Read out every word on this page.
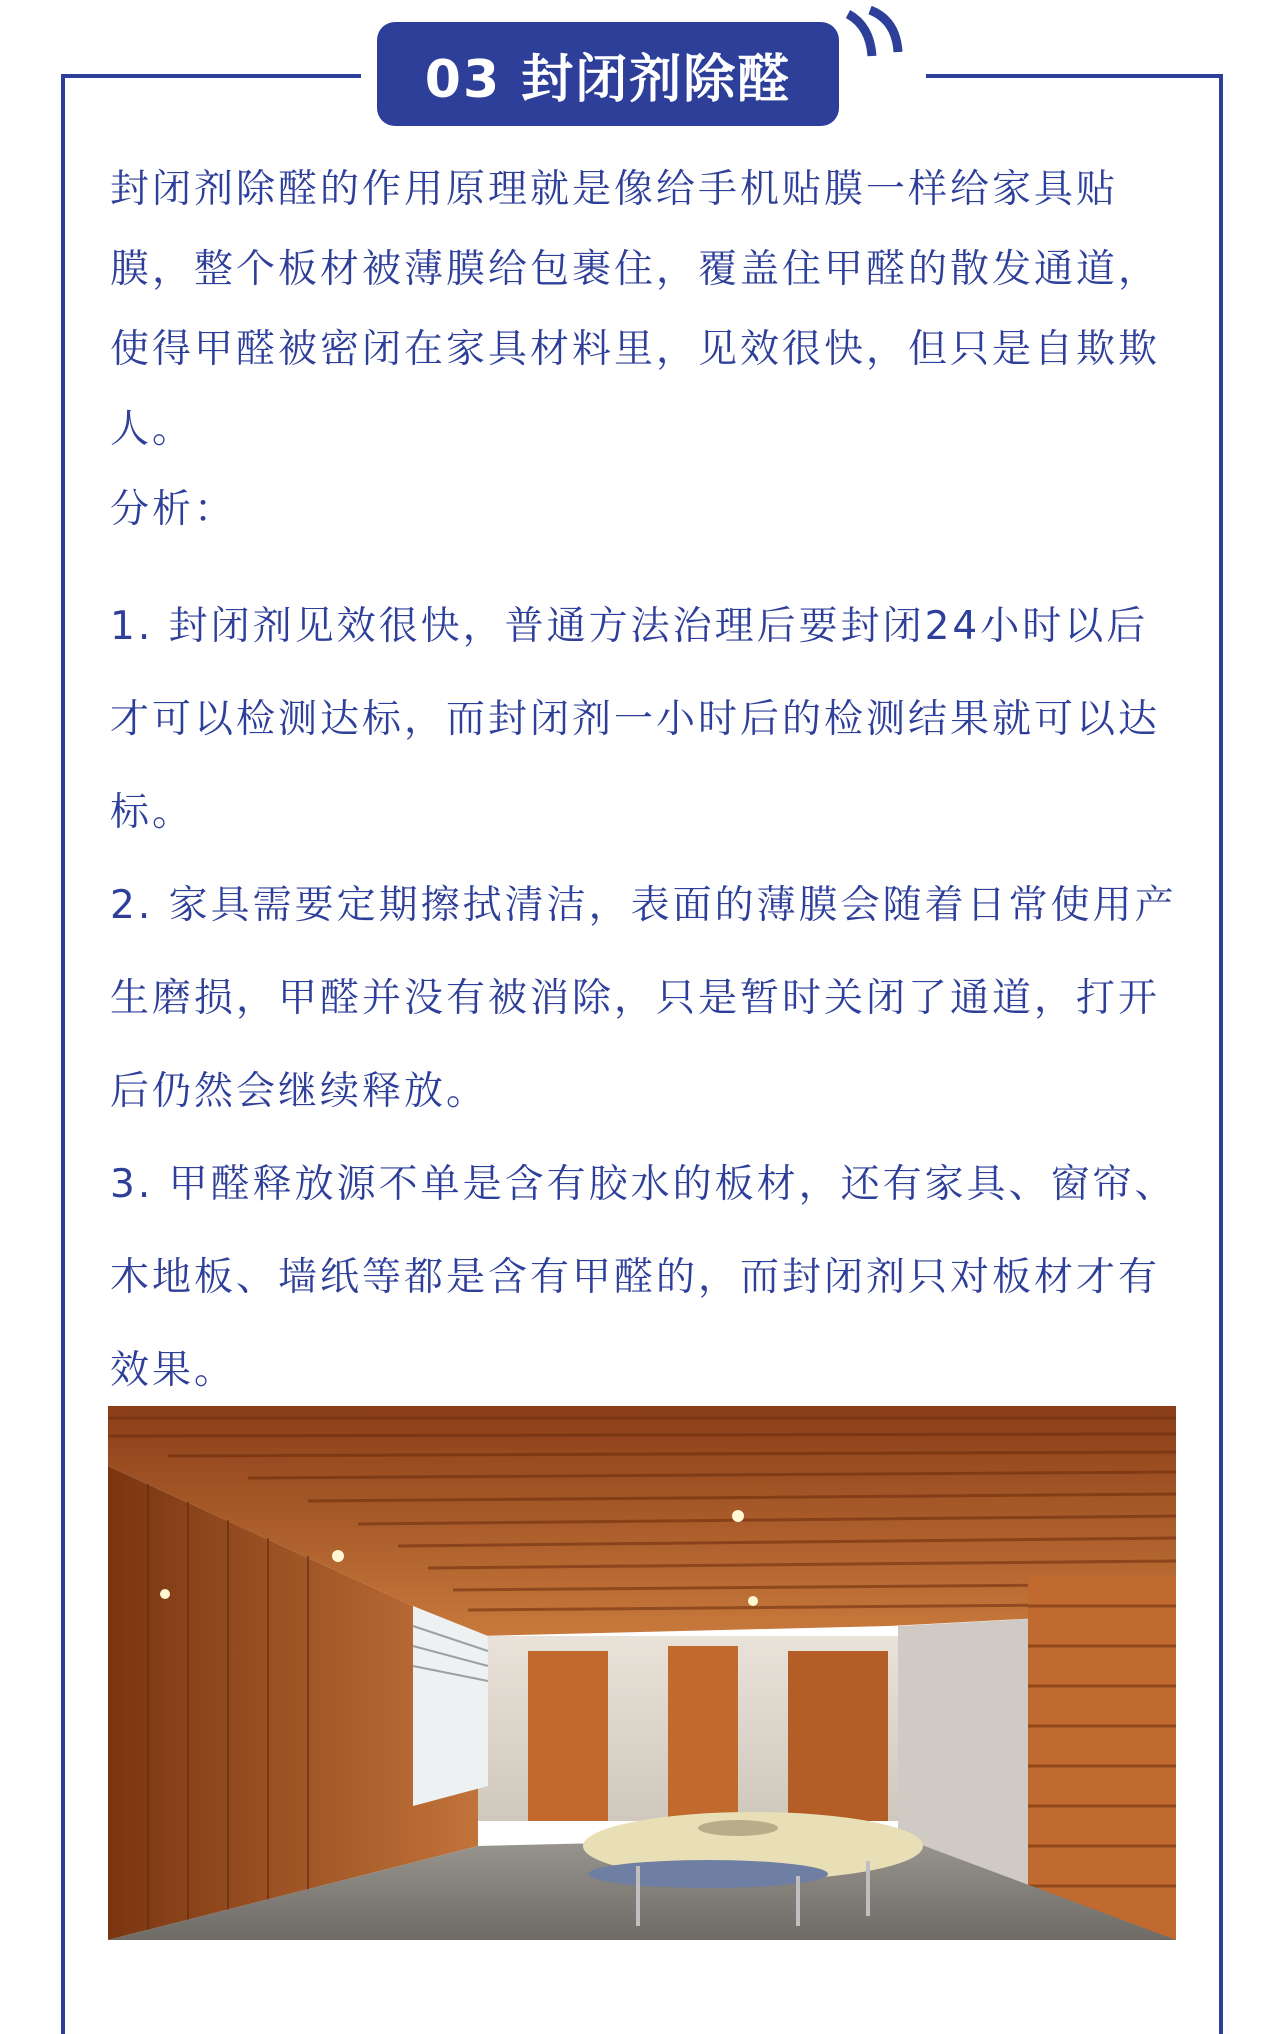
03 封闭剂除醛

封闭剂除醛的作用原理就是像给手机贴膜一样给家具贴膜，整个板材被薄膜给包裹住，覆盖住甲醛的散发通道，使得甲醛被密闭在家具材料里，见效很快，但只是自欺欺人。

分析：

1. 封闭剂见效很快，普通方法治理后要封闭24小时以后才可以检测达标，而封闭剂一小时后的检测结果就可以达标。

2. 家具需要定期擦拭清洁，表面的薄膜会随着日常使用产生磨损，甲醛并没有被消除，只是暂时关闭了通道，打开后仍然会继续释放。

3. 甲醛释放源不单是含有胶水的板材，还有家具、窗帘、木地板、墙纸等都是含有甲醛的，而封闭剂只对板材才有效果。
